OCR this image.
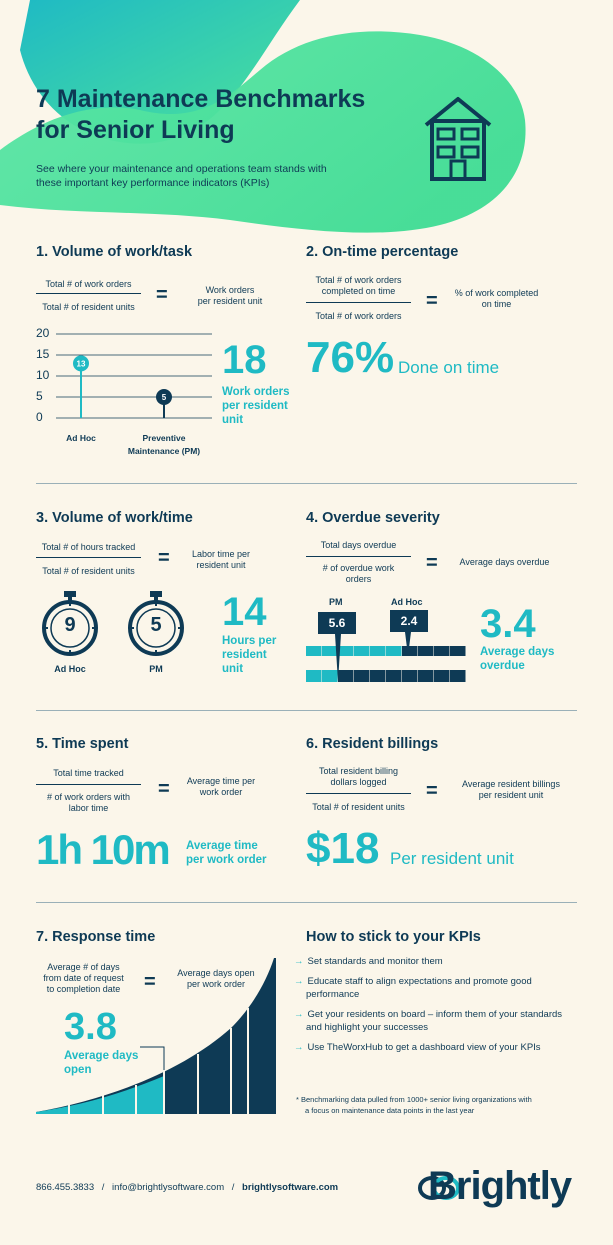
7 Maintenance Benchmarks
for Senior Living
See where your maintenance and operations team stands with
these important key performance indicators (KPIs)
1. Volume of work/task
Total # of work orders
Total # of resident units
=	Work orders
per resident unit
20
15
10
5
0
13
5
Ad Hoc	Preventive
Maintenance (PM)
18
Work orders
per resident
unit
2. On-time percentage
Total # of work orders
completed on time
Total # of work orders
=	% of work completed
on time
76% Done on time
3. Volume of work/time
Total # of hours tracked
Total # of resident units
=	Labor time per
resident unit
9
Ad Hoc
5
PM
14
Hours per
resident
unit
4. Overdue severity
Total days overdue
# of overdue work
orders
=	Average days overdue
PM	Ad Hoc
5.6	2.4 3.4
Average days
overdue
5. Time spent
Total time tracked
# of work orders with
labor time
=	Average time per
work order
1h 10m Average time
per work order
6. Resident billings
Total resident billing
dollars logged
Total # of resident units
=	Average resident billings
per resident unit
$18 Per resident unit
7. Response time
Average # of days
from date of request
to completion date	=	Average days open
per work order
3.8
Average days
open
How to stick to your KPIs
→ Set standards and monitor them
→ Educate staff to align expectations and promote good performance
→ Get your residents on board – inform them of your standards and highlight your successes
→ Use TheWorxHub to get a dashboard view of your KPIs
* Benchmarking data pulled from 1000+ senior living organizations with
a focus on maintenance data points in the last year
866.455.3833 / info@brightlysoftware.com / brightlysoftware.com Brightly
